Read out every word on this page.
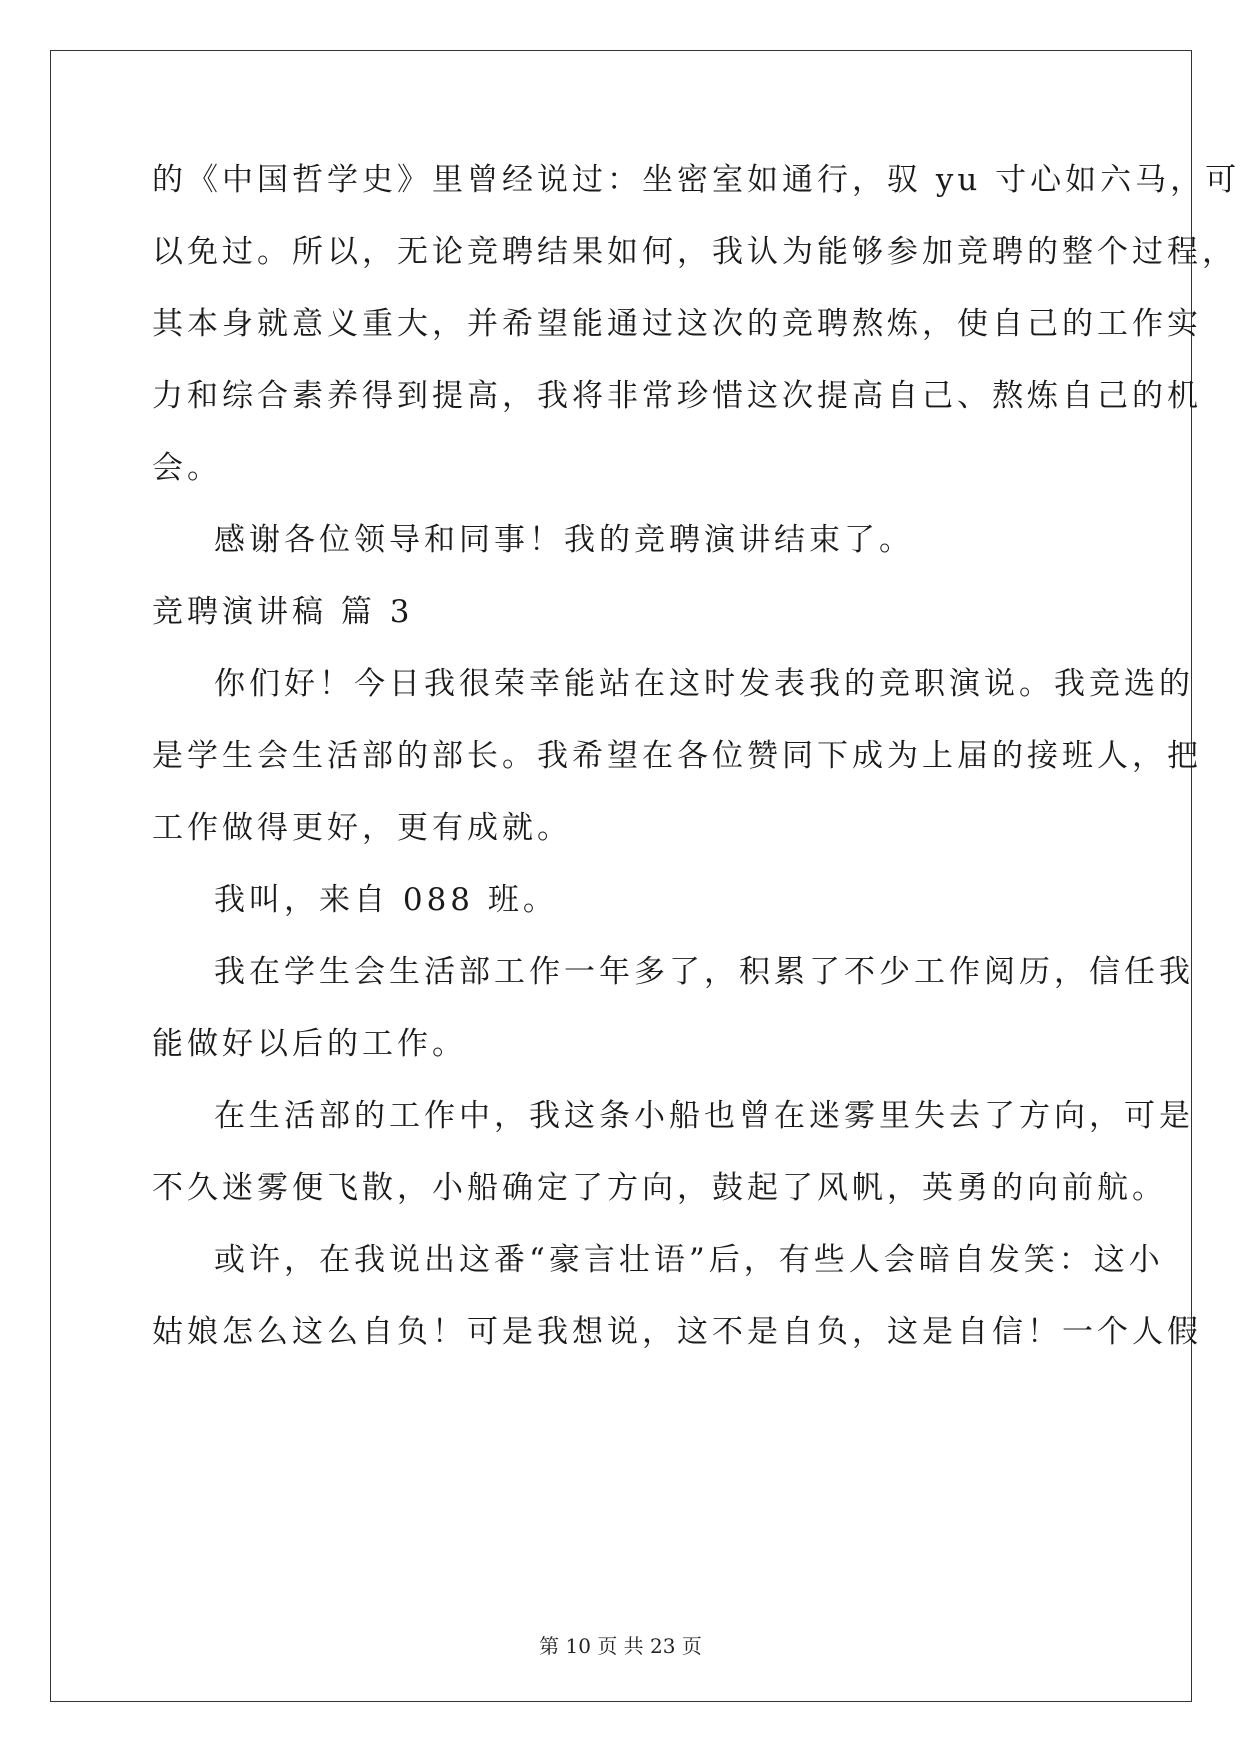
的《中国哲学史》里曾经说过：坐密室如通行，驭 yu 寸心如六马，可
以免过。所以，无论竞聘结果如何，我认为能够参加竞聘的整个过程，
其本身就意义重大，并希望能通过这次的竞聘熬炼，使自己的工作实
力和综合素养得到提高，我将非常珍惜这次提高自己、熬炼自己的机
会。
感谢各位领导和同事！我的竞聘演讲结束了。
竞聘演讲稿 篇 3
你们好！今日我很荣幸能站在这时发表我的竞职演说。我竞选的
是学生会生活部的部长。我希望在各位赞同下成为上届的接班人，把
工作做得更好，更有成就。
我叫，来自 088 班。
我在学生会生活部工作一年多了，积累了不少工作阅历，信任我
能做好以后的工作。
在生活部的工作中，我这条小船也曾在迷雾里失去了方向，可是
不久迷雾便飞散，小船确定了方向，鼓起了风帆，英勇的向前航。
或许，在我说出这番“豪言壮语”后，有些人会暗自发笑：这小
姑娘怎么这么自负！可是我想说，这不是自负，这是自信！一个人假
第 10 页 共 23 页
